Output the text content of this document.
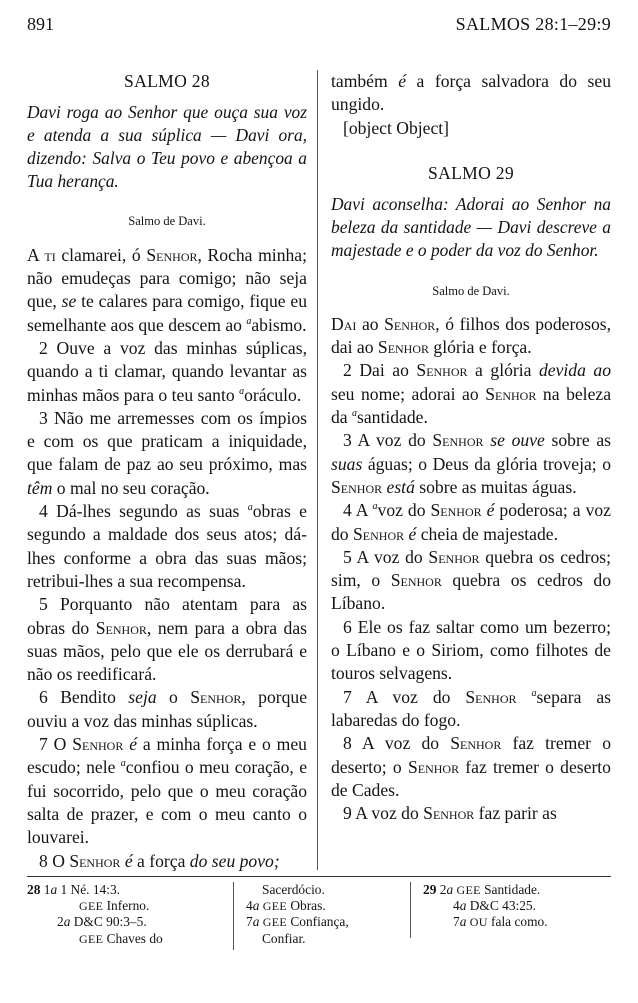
891	SALMOS 28:1–29:9
SALMO 28

Davi roga ao Senhor que ouça sua voz e atenda a sua súplica — Davi ora, dizendo: Salva o Teu povo e abençoa a Tua herança.

Salmo de Davi.

A ti clamarei, ó Senhor, Rocha minha; não emudeças para comigo; não seja que, se te calares para comigo, fique eu semelhante aos que descem ao $^a$abismo.

2 Ouve a voz das minhas súplicas, quando a ti clamar, quando levantar as minhas mãos para o teu santo $^a$oráculo.

3 Não me arremesses com os ímpios e com os que praticam a iniquidade, que falam de paz ao seu próximo, mas têm o mal no seu coração.

4 Dá-lhes segundo as suas $^a$obras e segundo a maldade dos seus atos; dá-lhes conforme a obra das suas mãos; retribui-lhes a sua recompensa.

5 Porquanto não atentam para as obras do Senhor, nem para a obra das suas mãos, pelo que ele os derrubará e não os reedificará.

6 Bendito seja o Senhor, porque ouviu a voz das minhas súplicas.

7 O Senhor é a minha força e o meu escudo; nele $^a$confiou o meu coração, e fui socorrido, pelo que o meu coração salta de prazer, e com o meu canto o louvarei.

8 O Senhor é a força do seu povo;

também é a força salvadora do seu ungido.

[object Object]

SALMO 29

Davi aconselha: Adorai ao Senhor na beleza da santidade — Davi descreve a majestade e o poder da voz do Senhor.

Salmo de Davi.

Dai ao Senhor, ó filhos dos poderosos, dai ao Senhor glória e força.

2 Dai ao Senhor a glória devida ao seu nome; adorai ao Senhor na beleza da $^a$santidade.

3 A voz do Senhor se ouve sobre as suas águas; o Deus da glória troveja; o Senhor está sobre as muitas águas.

4 A $^a$voz do Senhor é poderosa; a voz do Senhor é cheia de majestade.

5 A voz do Senhor quebra os cedros; sim, o Senhor quebra os cedros do Líbano.

6 Ele os faz saltar como um bezerro; o Líbano e o Siriom, como filhotes de touros selvagens.

7 A voz do Senhor $^a$separa as labaredas do fogo.

8 A voz do Senhor faz tremer o deserto; o Senhor faz tremer o deserto de Cades.

9 A voz do Senhor faz parir as

28 1a 1 Né. 14:3.
GEE Inferno.
2a D&C 90:3–5.
GEE Chaves do
Sacerdócio.
4a GEE Obras.
7a GEE Confiança,
Confiar.
29 2a GEE Santidade.
4a D&C 43:25.
7a OU fala como.
